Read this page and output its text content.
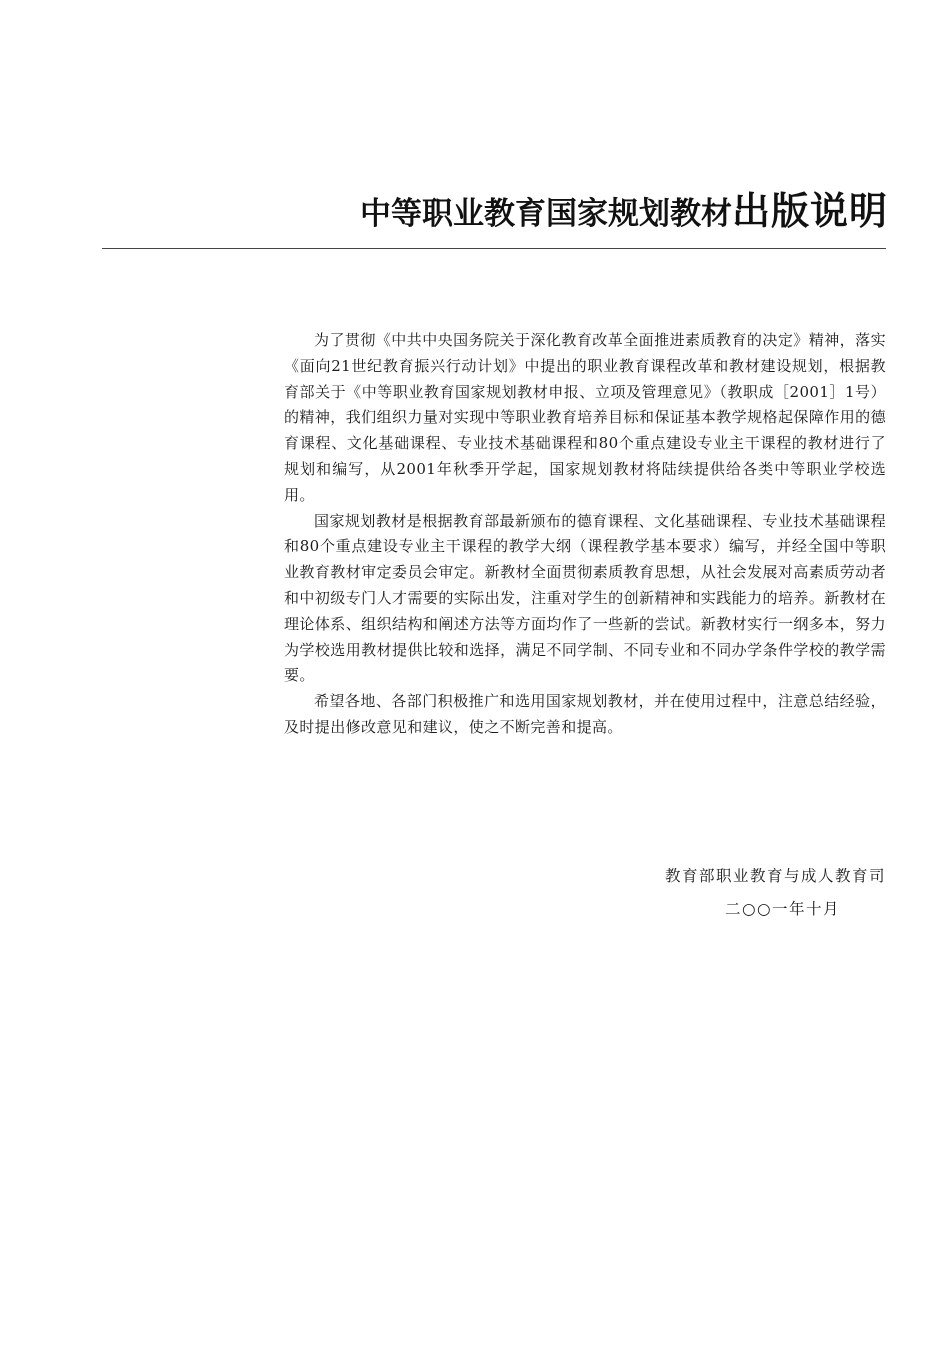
中等职业教育国家规划教材出版说明

为了贯彻《中共中央国务院关于深化教育改革全面推进素质教育的决定》精神，落实《面向21世纪教育振兴行动计划》中提出的职业教育课程改革和教材建设规划，根据教育部关于《中等职业教育国家规划教材申报、立项及管理意见》（教职成［2001］1号）的精神，我们组织力量对实现中等职业教育培养目标和保证基本教学规格起保障作用的德育课程、文化基础课程、专业技术基础课程和80个重点建设专业主干课程的教材进行了规划和编写，从2001年秋季开学起，国家规划教材将陆续提供给各类中等职业学校选用。

国家规划教材是根据教育部最新颁布的德育课程、文化基础课程、专业技术基础课程和80个重点建设专业主干课程的教学大纲（课程教学基本要求）编写，并经全国中等职业教育教材审定委员会审定。新教材全面贯彻素质教育思想，从社会发展对高素质劳动者和中初级专门人才需要的实际出发，注重对学生的创新精神和实践能力的培养。新教材在理论体系、组织结构和阐述方法等方面均作了一些新的尝试。新教材实行一纲多本，努力为学校选用教材提供比较和选择，满足不同学制、不同专业和不同办学条件学校的教学需要。

希望各地、各部门积极推广和选用国家规划教材，并在使用过程中，注意总结经验，及时提出修改意见和建议，使之不断完善和提高。

教育部职业教育与成人教育司
二○○一年十月
